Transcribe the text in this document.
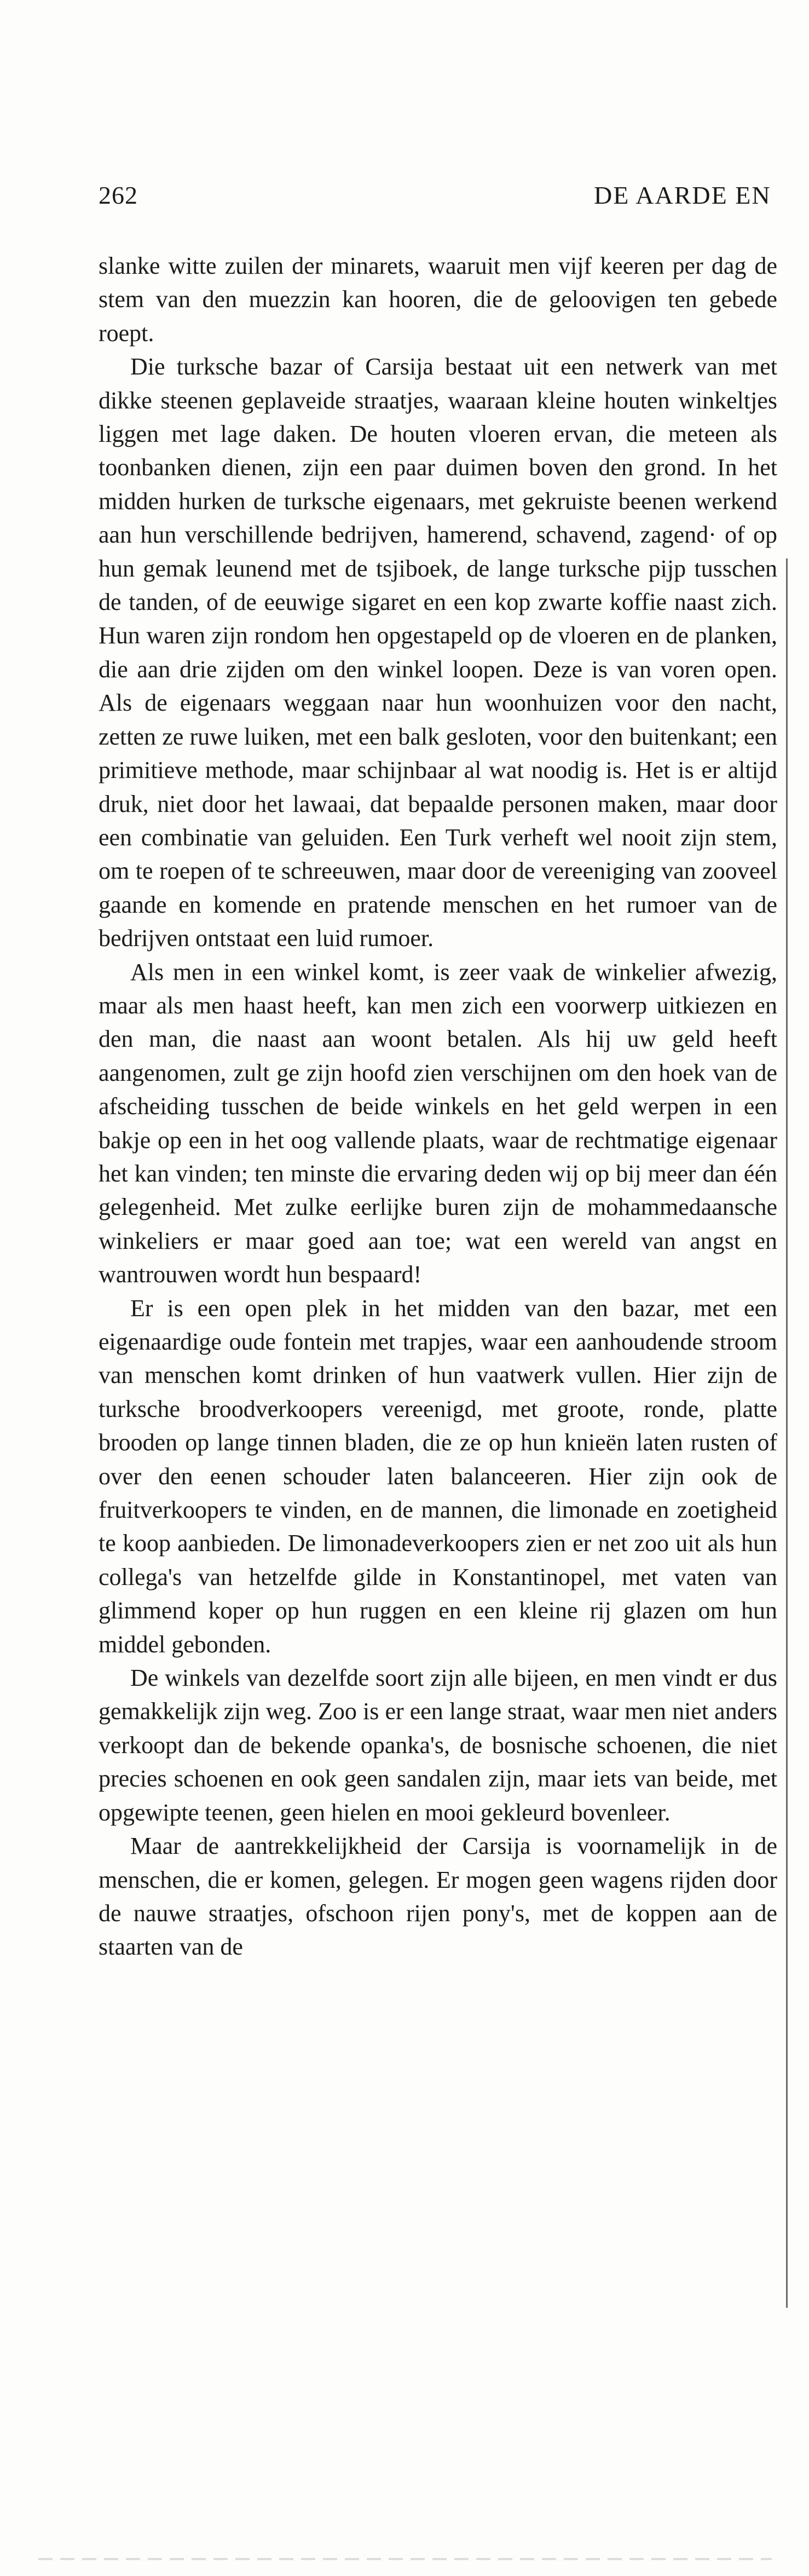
262	DE AARDE EN

slanke witte zuilen der minarets, waaruit men vijf keeren per dag de stem van den muezzin kan hooren, die de geloovigen ten gebede roept.

Die turksche bazar of Carsija bestaat uit een netwerk van met dikke steenen geplaveide straatjes, waaraan kleine houten winkeltjes liggen met lage daken. De houten vloeren ervan, die meteen als toonbanken dienen, zijn een paar duimen boven den grond. In het midden hurken de turksche eigenaars, met gekruiste beenen werkend aan hun verschillende bedrijven, hamerend, schavend, zagend· of op hun gemak leunend met de tsjiboek, de lange turksche pijp tusschen de tanden, of de eeuwige sigaret en een kop zwarte koffie naast zich. Hun waren zijn rondom hen opgestapeld op de vloeren en de planken, die aan drie zijden om den winkel loopen. Deze is van voren open. Als de eigenaars weggaan naar hun woonhuizen voor den nacht, zetten ze ruwe luiken, met een balk gesloten, voor den buitenkant; een primitieve methode, maar schijnbaar al wat noodig is. Het is er altijd druk, niet door het lawaai, dat bepaalde personen maken, maar door een combinatie van geluiden. Een Turk verheft wel nooit zijn stem, om te roepen of te schreeuwen, maar door de vereeniging van zooveel gaande en komende en pratende menschen en het rumoer van de bedrijven ontstaat een luid rumoer.

Als men in een winkel komt, is zeer vaak de winkelier afwezig, maar als men haast heeft, kan men zich een voorwerp uitkiezen en den man, die naast aan woont betalen. Als hij uw geld heeft aangenomen, zult ge zijn hoofd zien verschijnen om den hoek van de afscheiding tusschen de beide winkels en het geld werpen in een bakje op een in het oog vallende plaats, waar de rechtmatige eigenaar het kan vinden; ten minste die ervaring deden wij op bij meer dan één gelegenheid. Met zulke eerlijke buren zijn de mohammedaansche winkeliers er maar goed aan toe; wat een wereld van angst en wantrouwen wordt hun bespaard!

Er is een open plek in het midden van den bazar, met een eigenaardige oude fontein met trapjes, waar een aanhoudende stroom van menschen komt drinken of hun vaatwerk vullen. Hier zijn de turksche broodverkoopers vereenigd, met groote, ronde, platte brooden op lange tinnen bladen, die ze op hun knieën laten rusten of over den eenen schouder laten balanceeren. Hier zijn ook de fruitverkoopers te vinden, en de mannen, die limonade en zoetigheid te koop aanbieden. De limonadeverkoopers zien er net zoo uit als hun collega's van hetzelfde gilde in Konstantinopel, met vaten van glimmend koper op hun ruggen en een kleine rij glazen om hun middel gebonden.

De winkels van dezelfde soort zijn alle bijeen, en men vindt er dus gemakkelijk zijn weg. Zoo is er een lange straat, waar men niet anders verkoopt dan de bekende opanka's, de bosnische schoenen, die niet precies schoenen en ook geen sandalen zijn, maar iets van beide, met opgewipte teenen, geen hielen en mooi gekleurd bovenleer.

Maar de aantrekkelijkheid der Carsija is voornamelijk in de menschen, die er komen, gelegen. Er mogen geen wagens rijden door de nauwe straatjes, ofschoon rijen pony's, met de koppen aan de staarten van de
